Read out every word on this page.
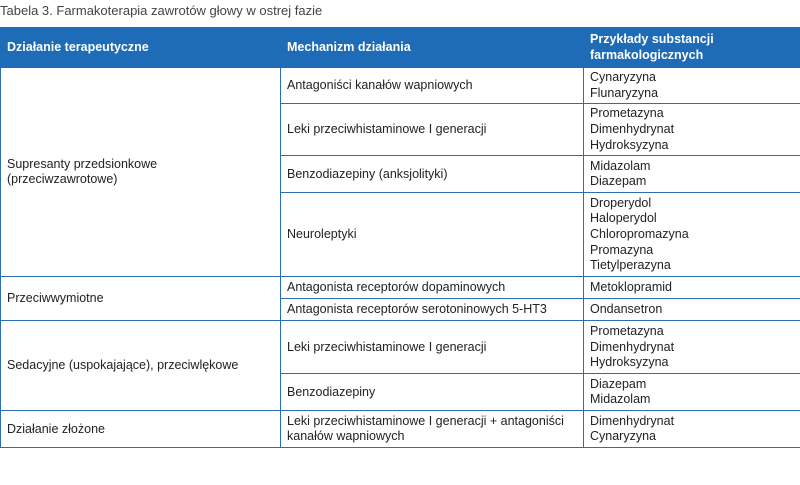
Tabela 3. Farmakoterapia zawrotów głowy w ostrej fazie
Działanie terapeutyczne	Mechanizm działania	Przykłady substancji
farmakologicznych

Supresanty przedsionkowe
(przeciwzawrotowe)	Antagoniści kanałów wapniowych	Cynaryzyna
Flunaryzyna

	Leki przeciwhistaminowe I generacji	Prometazyna
Dimenhydrynat
Hydroksyzyna

	Benzodiazepiny (anksjolityki)	Midazolam
Diazepam

	Neuroleptyki	Droperydol
Haloperydol
Chloropromazyna
Promazyna
Tietylperazyna

Przeciwwymiotne	Antagonista receptorów dopaminowych	Metoklopramid
	Antagonista receptorów serotoninowych 5-HT3	Ondansetron
Sedacyjne (uspokajające), przeciwlękowe	Leki przeciwhistaminowe I generacji	Prometazyna
Dimenhydrynat
Hydroksyzyna

	Benzodiazepiny	Diazepam
Midazolam

Działanie złożone	Leki przeciwhistaminowe I generacji + antagoniści
kanałów wapniowych	Dimenhydrynat
Cynaryzyna
